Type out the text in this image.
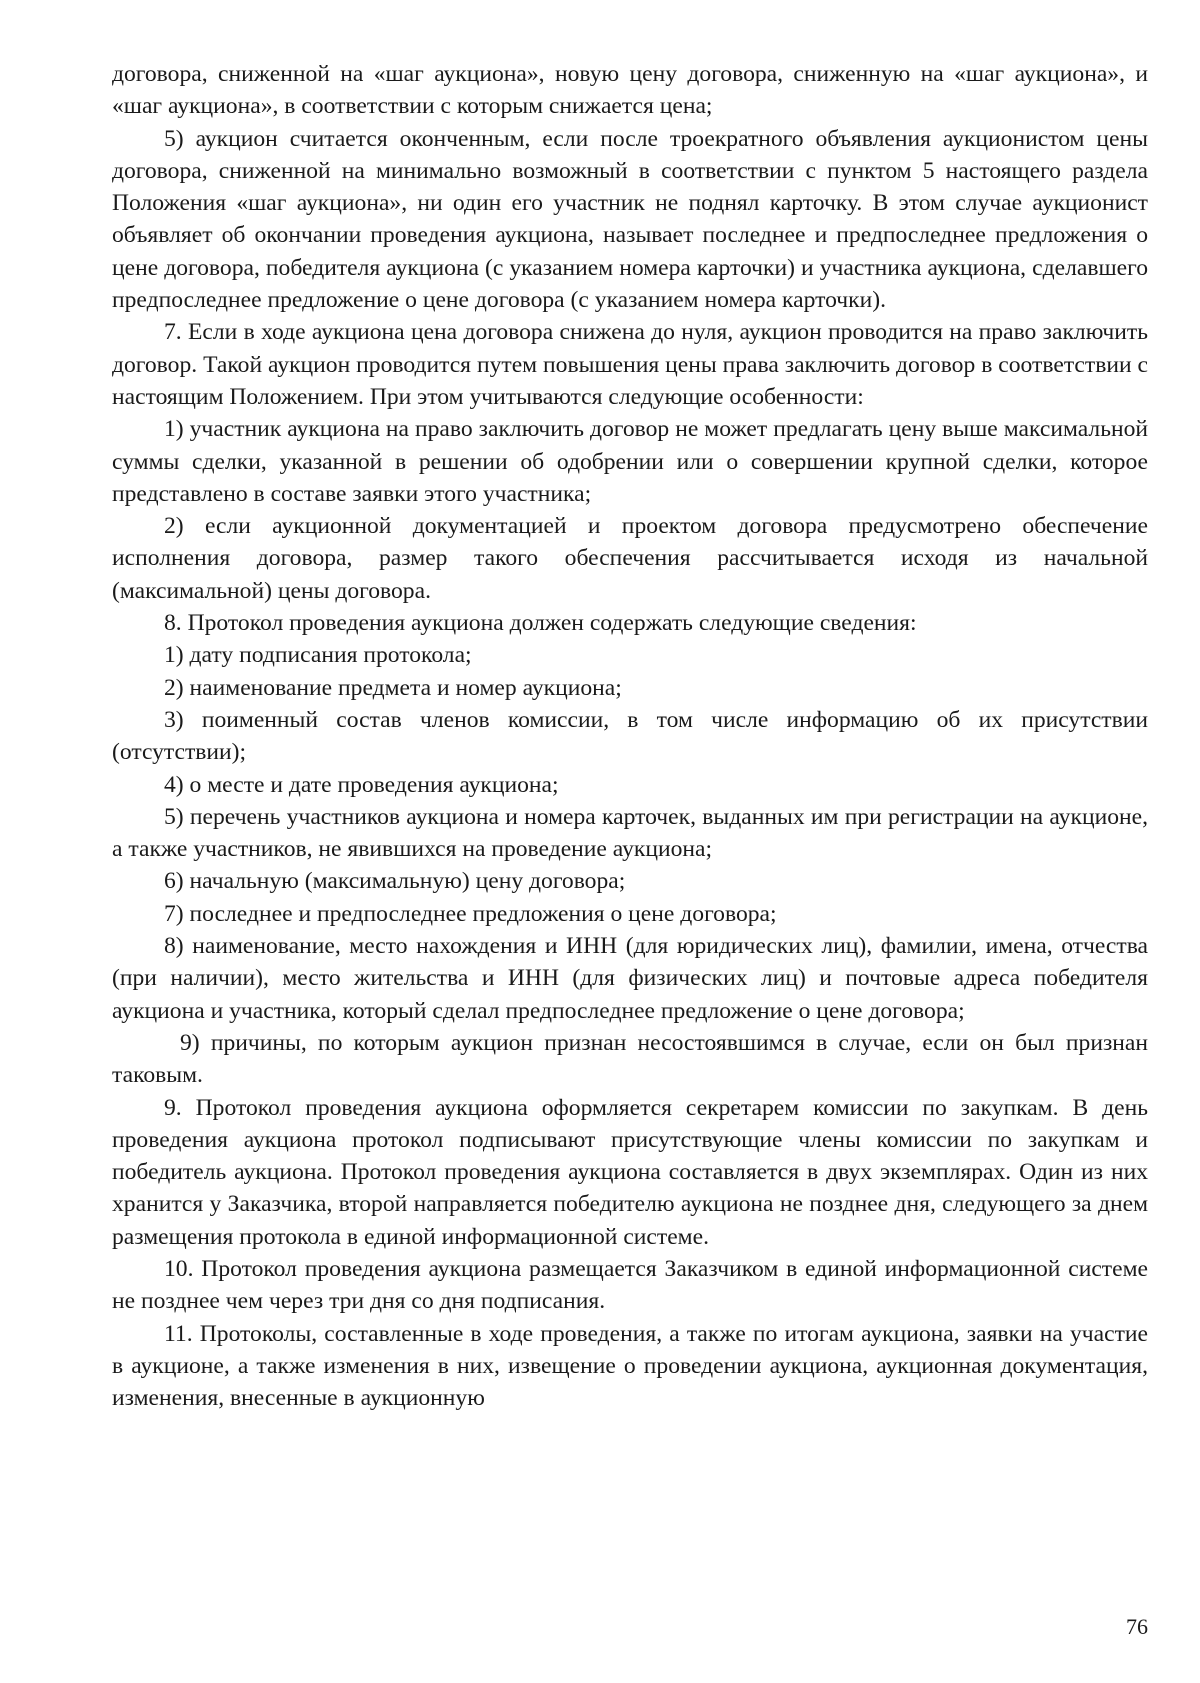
договора, сниженной на «шаг аукциона», новую цену договора, сниженную на «шаг аукциона», и «шаг аукциона», в соответствии с которым снижается цена;

5) аукцион считается оконченным, если после троекратного объявления аукционистом цены договора, сниженной на минимально возможный в соответствии с пунктом 5 настоящего раздела Положения «шаг аукциона», ни один его участник не поднял карточку. В этом случае аукционист объявляет об окончании проведения аукциона, называет последнее и предпоследнее предложения о цене договора, победителя аукциона (с указанием номера карточки) и участника аукциона, сделавшего предпоследнее предложение о цене договора (с указанием номера карточки).

7. Если в ходе аукциона цена договора снижена до нуля, аукцион проводится на право заключить договор. Такой аукцион проводится путем повышения цены права заключить договор в соответствии с настоящим Положением. При этом учитываются следующие особенности:

1) участник аукциона на право заключить договор не может предлагать цену выше максимальной суммы сделки, указанной в решении об одобрении или о совершении крупной сделки, которое представлено в составе заявки этого участника;

2) если аукционной документацией и проектом договора предусмотрено обеспечение исполнения договора, размер такого обеспечения рассчитывается исходя из начальной (максимальной) цены договора.

8. Протокол проведения аукциона должен содержать следующие сведения:

1) дату подписания протокола;

2) наименование предмета и номер аукциона;

3) поименный состав членов комиссии, в том числе информацию об их присутствии (отсутствии);

4) о месте и дате проведения аукциона;

5) перечень участников аукциона и номера карточек, выданных им при регистрации на аукционе, а также участников, не явившихся на проведение аукциона;

6) начальную (максимальную) цену договора;

7) последнее и предпоследнее предложения о цене договора;

8) наименование, место нахождения и ИНН (для юридических лиц), фамилии, имена, отчества (при наличии), место жительства и ИНН (для физических лиц) и почтовые адреса победителя аукциона и участника, который сделал предпоследнее предложение о цене договора;

9) причины, по которым аукцион признан несостоявшимся в случае, если он был признан таковым.

9. Протокол проведения аукциона оформляется секретарем комиссии по закупкам. В день проведения аукциона протокол подписывают присутствующие члены комиссии по закупкам и победитель аукциона. Протокол проведения аукциона составляется в двух экземплярах. Один из них хранится у Заказчика, второй направляется победителю аукциона не позднее дня, следующего за днем размещения протокола в единой информационной системе.

10. Протокол проведения аукциона размещается Заказчиком в единой информационной системе не позднее чем через три дня со дня подписания.

11. Протоколы, составленные в ходе проведения, а также по итогам аукциона, заявки на участие в аукционе, а также изменения в них, извещение о проведении аукциона, аукционная документация, изменения, внесенные в аукционную

76
